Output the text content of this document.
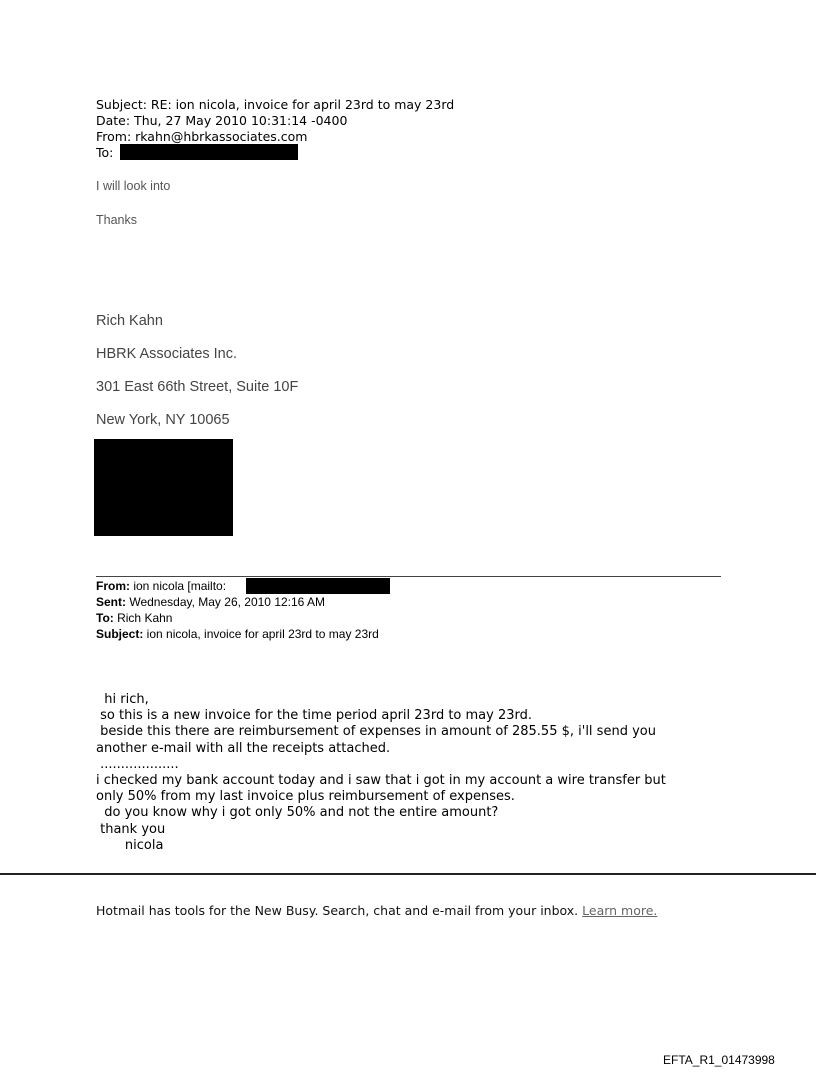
Subject: RE: ion nicola, invoice for april 23rd to may 23rd
Date: Thu, 27 May 2010 10:31:14 -0400
From: rkahn@hbrkassociates.com
To:
I will look into
Thanks
Rich Kahn
HBRK Associates Inc.
301 East 66th Street, Suite 10F
New York, NY 10065
From: ion nicola [mailto:
Sent: Wednesday, May 26, 2010 12:16 AM
To: Rich Kahn
Subject: ion nicola, invoice for april 23rd to may 23rd
hi rich,
so this is a new invoice for the time period april 23rd to may 23rd.
beside this there are reimbursement of expenses in amount of 285.55 $, i'll send you
another e-mail with all the receipts attached.
...................
i checked my bank account today and i saw that i got in my account a wire transfer but
only 50% from my last invoice plus reimbursement of expenses.
do you know why i got only 50% and not the entire amount?
thank you
nicola
Hotmail has tools for the New Busy. Search, chat and e-mail from your inbox. Learn more.
EFTA_R1_01473998
